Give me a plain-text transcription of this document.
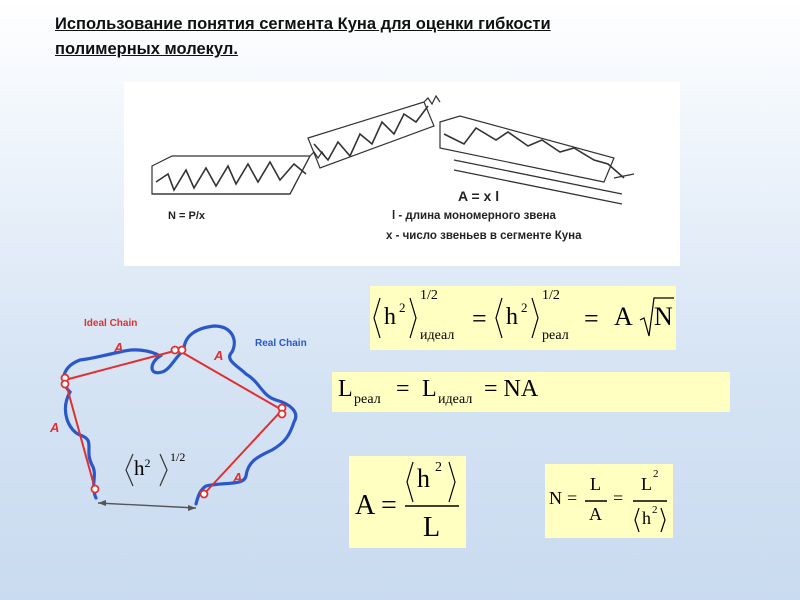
Использование понятия сегмента Куна для оценки гибкости
полимерных молекул.
N = P/x
A = x l
l - длина мономерного звена
x - число звеньев в сегменте Куна
Ideal Chain
Real Chain
A
A
A
A
$h^2$ 1/2
h 2
1/2
идеал
= h 2
1/2
реал
= A N
L реал = L идеал = NA
A =
h 2
L
N =
L
A
=
L 2
h 2
